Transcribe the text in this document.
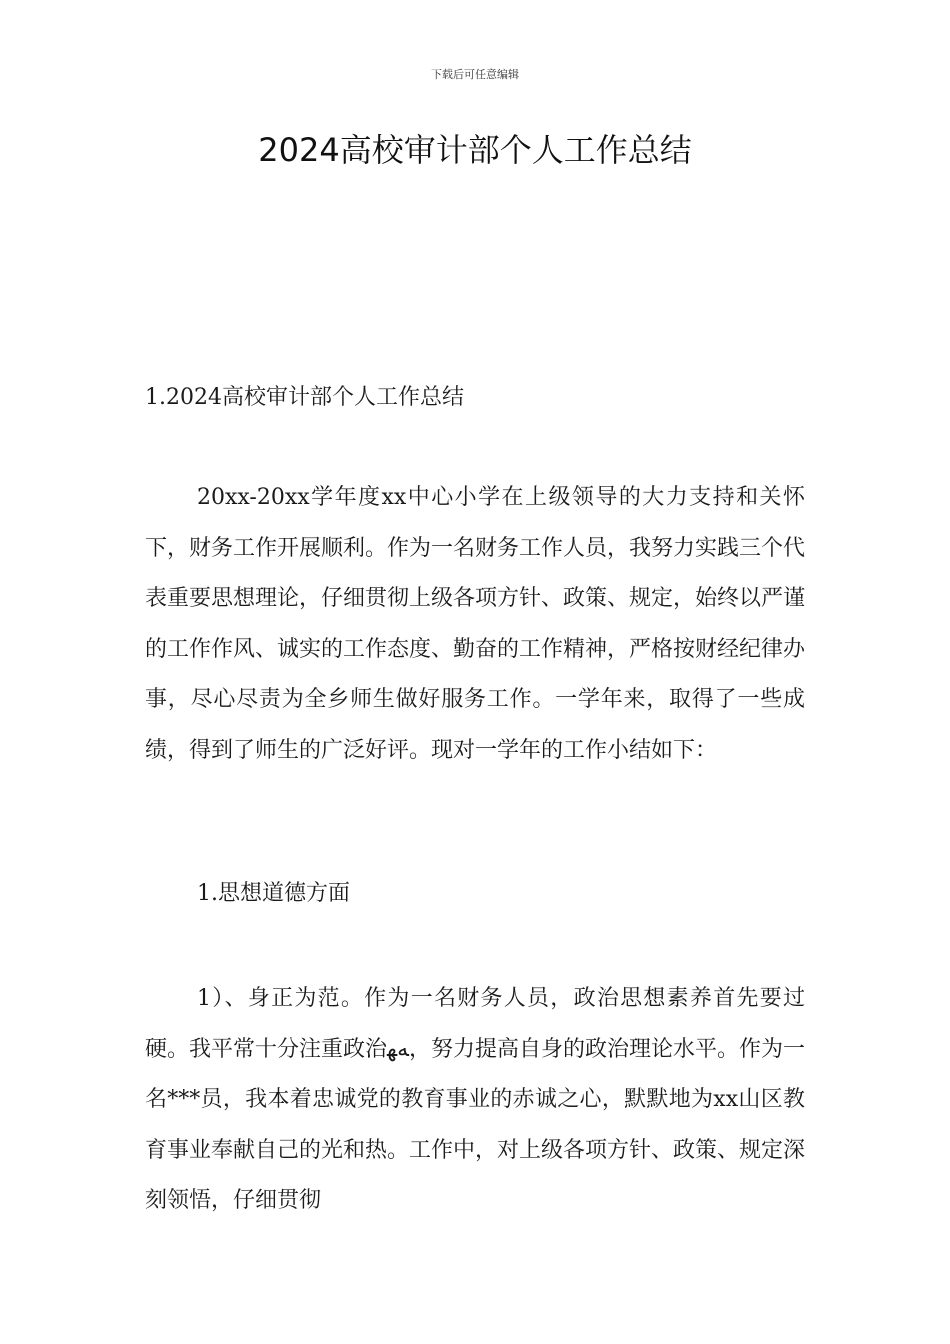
下载后可任意编辑
2024高校审计部个人工作总结
1.2024高校审计部个人工作总结

20xx-20xx学年度xx中心小学在上级领导的大力支持和关怀下，财务工作开展顺利。作为一名财务工作人员，我努力实践三个代表重要思想理论，仔细贯彻上级各项方针、政策、规定，始终以严谨的工作作风、诚实的工作态度、勤奋的工作精神，严格按财经纪律办事，尽心尽责为全乡师生做好服务工作。一学年来，取得了一些成绩，得到了师生的广泛好评。现对一学年的工作小结如下：

1.思想道德方面

1）、身正为范。作为一名财务人员，政治思想素养首先要过硬。我平常十分注重政治ﻪﻬ，努力提高自身的政治理论水平。作为一名***员，我本着忠诚党的教育事业的赤诚之心，默默地为xx山区教育事业奉献自己的光和热。工作中，对上级各项方针、政策、规定深刻领悟，仔细贯彻
